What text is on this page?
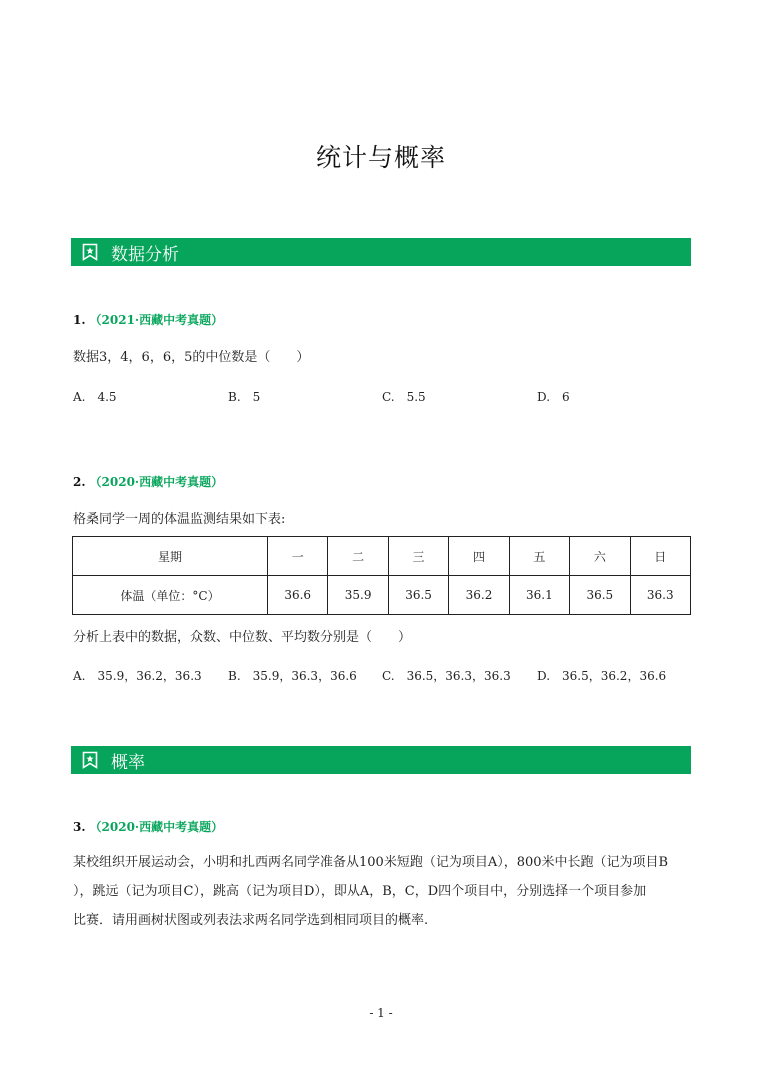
统计与概率
数据分析
1. （2021·西藏中考真题）
数据3，4，6，6，5的中位数是（　　）
A.　4.5	B.　5	C.　5.5	D.　6
2. （2020·西藏中考真题）
格桑同学一周的体温监测结果如下表:
星期	一	二	三	四	五	六	日
体温（单位：°C）	36.6	35.9	36.5	36.2	36.1	36.5	36.3
分析上表中的数据，众数、中位数、平均数分别是（　　）
A.　35.9，36.2，36.3 B.　35.9，36.3，36.6 C.　36.5，36.3，36.3 D.　36.5，36.2，36.6
概率
3. （2020·西藏中考真题）
某校组织开展运动会，小明和扎西两名同学准备从100米短跑（记为项目A），800米中长跑（记为项目B
），跳远（记为项目C），跳高（记为项目D），即从A，B，C，D四个项目中，分别选择一个项目参加
比赛．请用画树状图或列表法求两名同学选到相同项目的概率.
- 1 -
